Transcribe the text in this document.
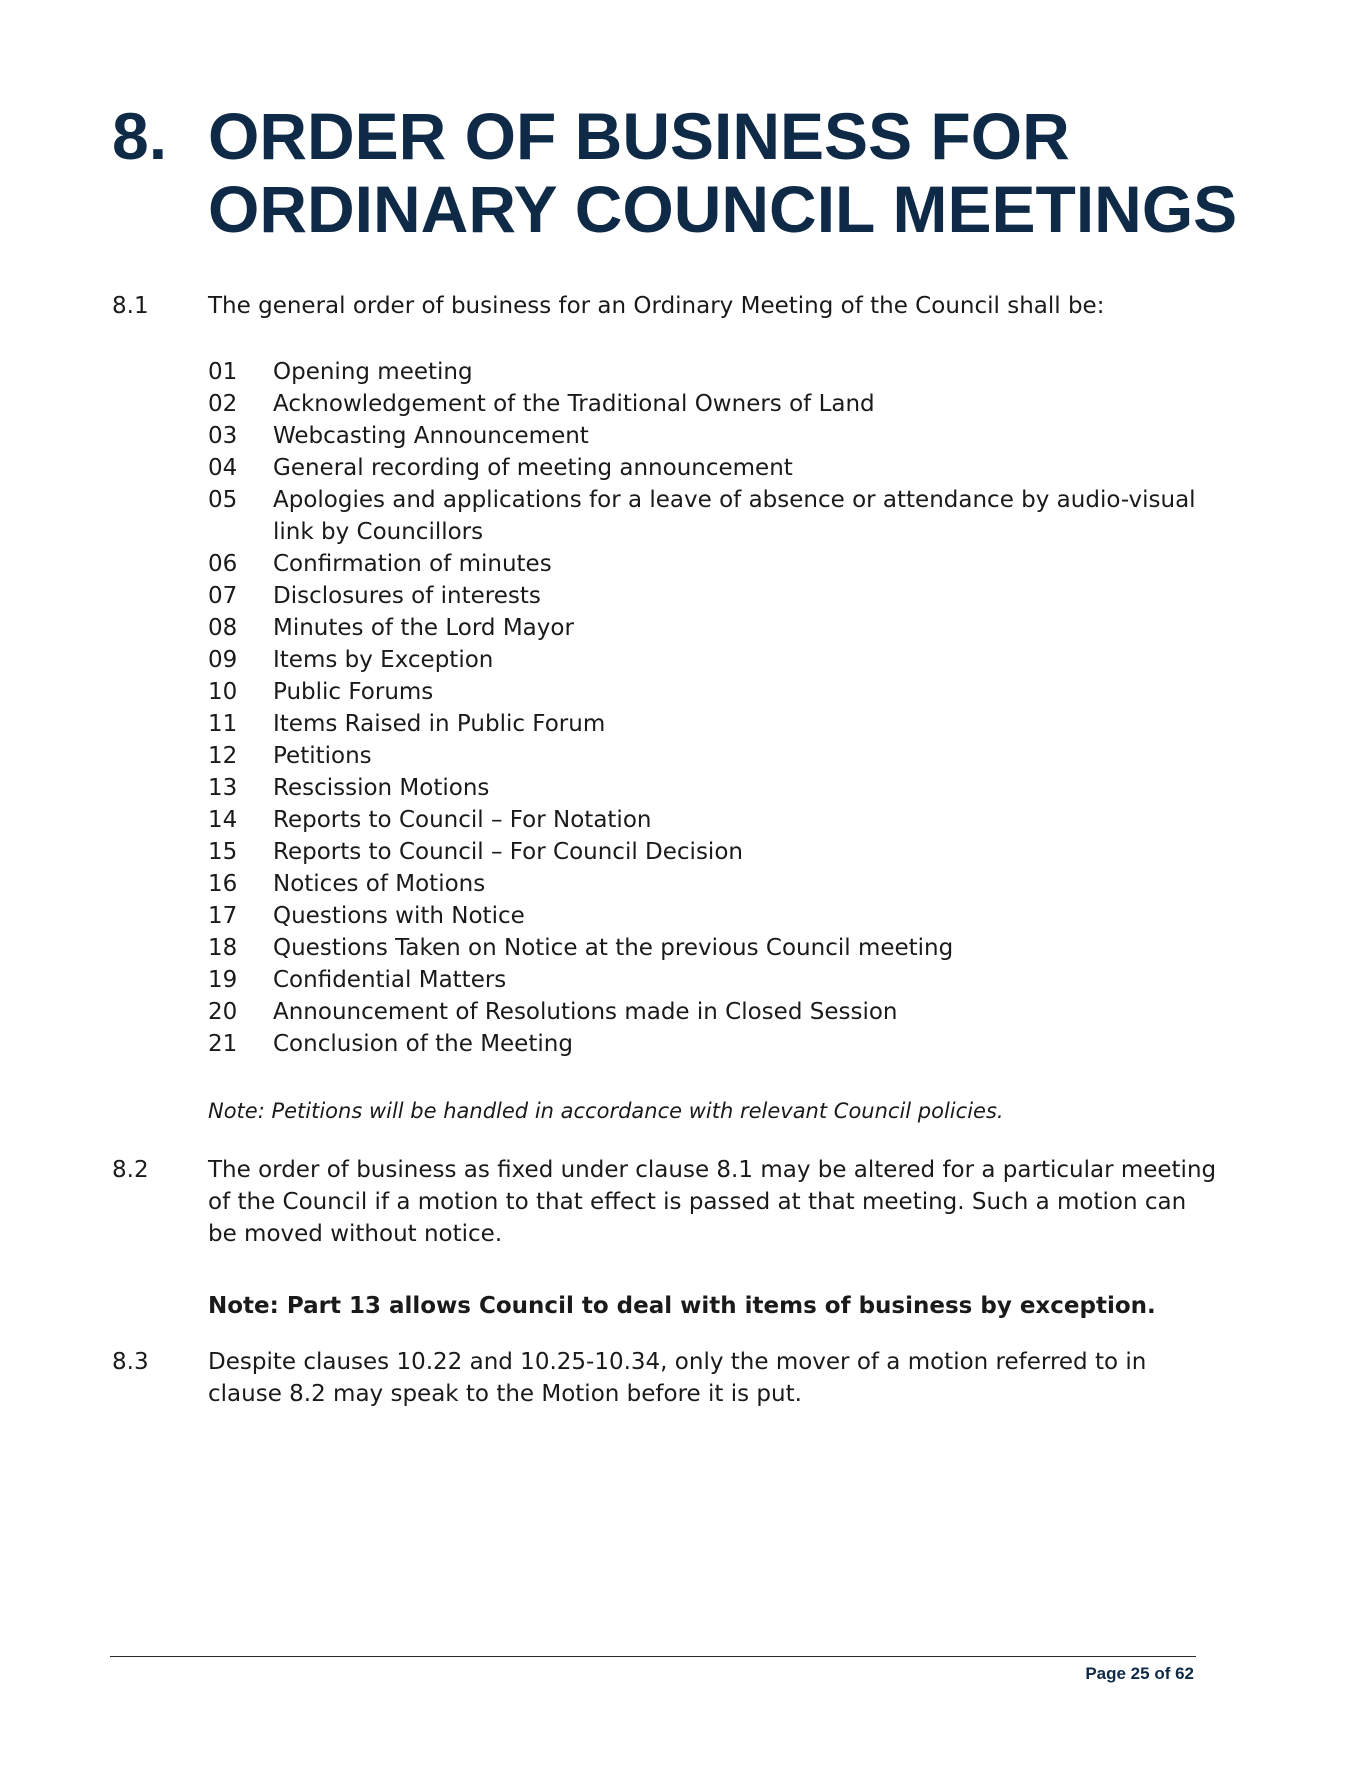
8. ORDER OF BUSINESS FOR
ORDINARY COUNCIL MEETINGS
8.1	The general order of business for an Ordinary Meeting of the Council shall be:
01	Opening meeting
02	Acknowledgement of the Traditional Owners of Land
03	Webcasting Announcement
04	General recording of meeting announcement
05	Apologies and applications for a leave of absence or attendance by audio-visual link by Councillors
06	Confirmation of minutes
07	Disclosures of interests
08	Minutes of the Lord Mayor
09	Items by Exception
10	Public Forums
11	Items Raised in Public Forum
12	Petitions
13	Rescission Motions
14	Reports to Council – For Notation
15	Reports to Council – For Council Decision
16	Notices of Motions
17	Questions with Notice
18	Questions Taken on Notice at the previous Council meeting
19	Confidential Matters
20	Announcement of Resolutions made in Closed Session
21	Conclusion of the Meeting
Note: Petitions will be handled in accordance with relevant Council policies.
8.2	The order of business as fixed under clause 8.1 may be altered for a particular meeting of the Council if a motion to that effect is passed at that meeting. Such a motion can be moved without notice.
Note: Part 13 allows Council to deal with items of business by exception.
8.3	Despite clauses 10.22 and 10.25-10.34, only the mover of a motion referred to in clause 8.2 may speak to the Motion before it is put.
Page 25 of 62
